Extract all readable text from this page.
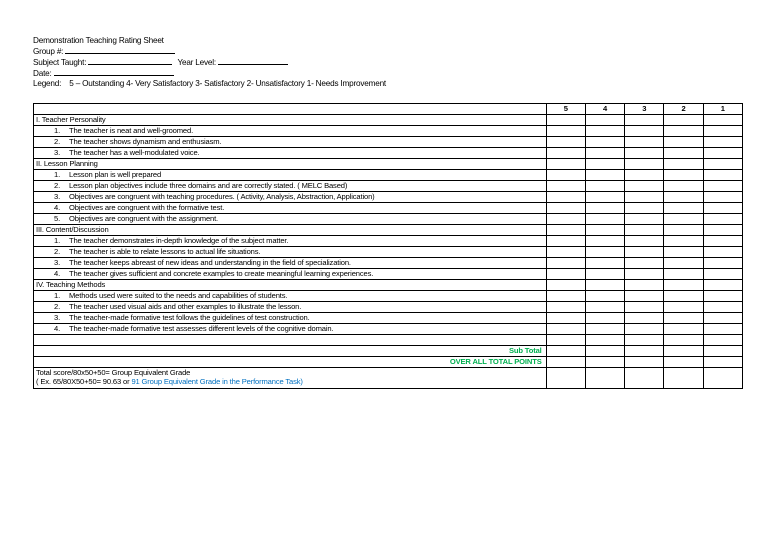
Demonstration Teaching Rating Sheet
Group #:
Subject Taught:	Year Level:
Date:
Legend: 5 – Outstanding 4- Very Satisfactory 3- Satisfactory 2- Unsatisfactory 1- Needs Improvement
	5	4	3	2	1
I. Teacher Personality					
1. The teacher is neat and well-groomed.					
2. The teacher shows dynamism and enthusiasm.					
3. The teacher has a well-modulated voice.					
II. Lesson Planning					
1. Lesson plan is well prepared					
2. Lesson plan objectives include three domains and are correctly stated. ( MELC Based)					
3. Objectives are congruent with teaching procedures. ( Activity, Analysis, Abstraction, Application)					
4. Objectives are congruent with the formative test.					
5. Objectives are congruent with the assignment.					
III. Content/Discussion					
1. The teacher demonstrates in-depth knowledge of the subject matter.					
2. The teacher is able to relate lessons to actual life situations.					
3. The teacher keeps abreast of new ideas and understanding in the field of specialization.					
4. The teacher gives sufficient and concrete examples to create meaningful learning experiences.					
IV. Teaching Methods					
1. Methods used were suited to the needs and capabilities of students.					
2. The teacher used visual aids and other examples to illustrate the lesson.					
3. The teacher-made formative test follows the guidelines of test construction.					
4. The teacher-made formative test assesses different levels of the cognitive domain.					

Sub Total					
OVER ALL TOTAL POINTS					

Total score/80x50+50= Group Equivalent Grade
( Ex. 65/80X50+50= 90.63 or 91 Group Equivalent Grade in the Performance Task)					
